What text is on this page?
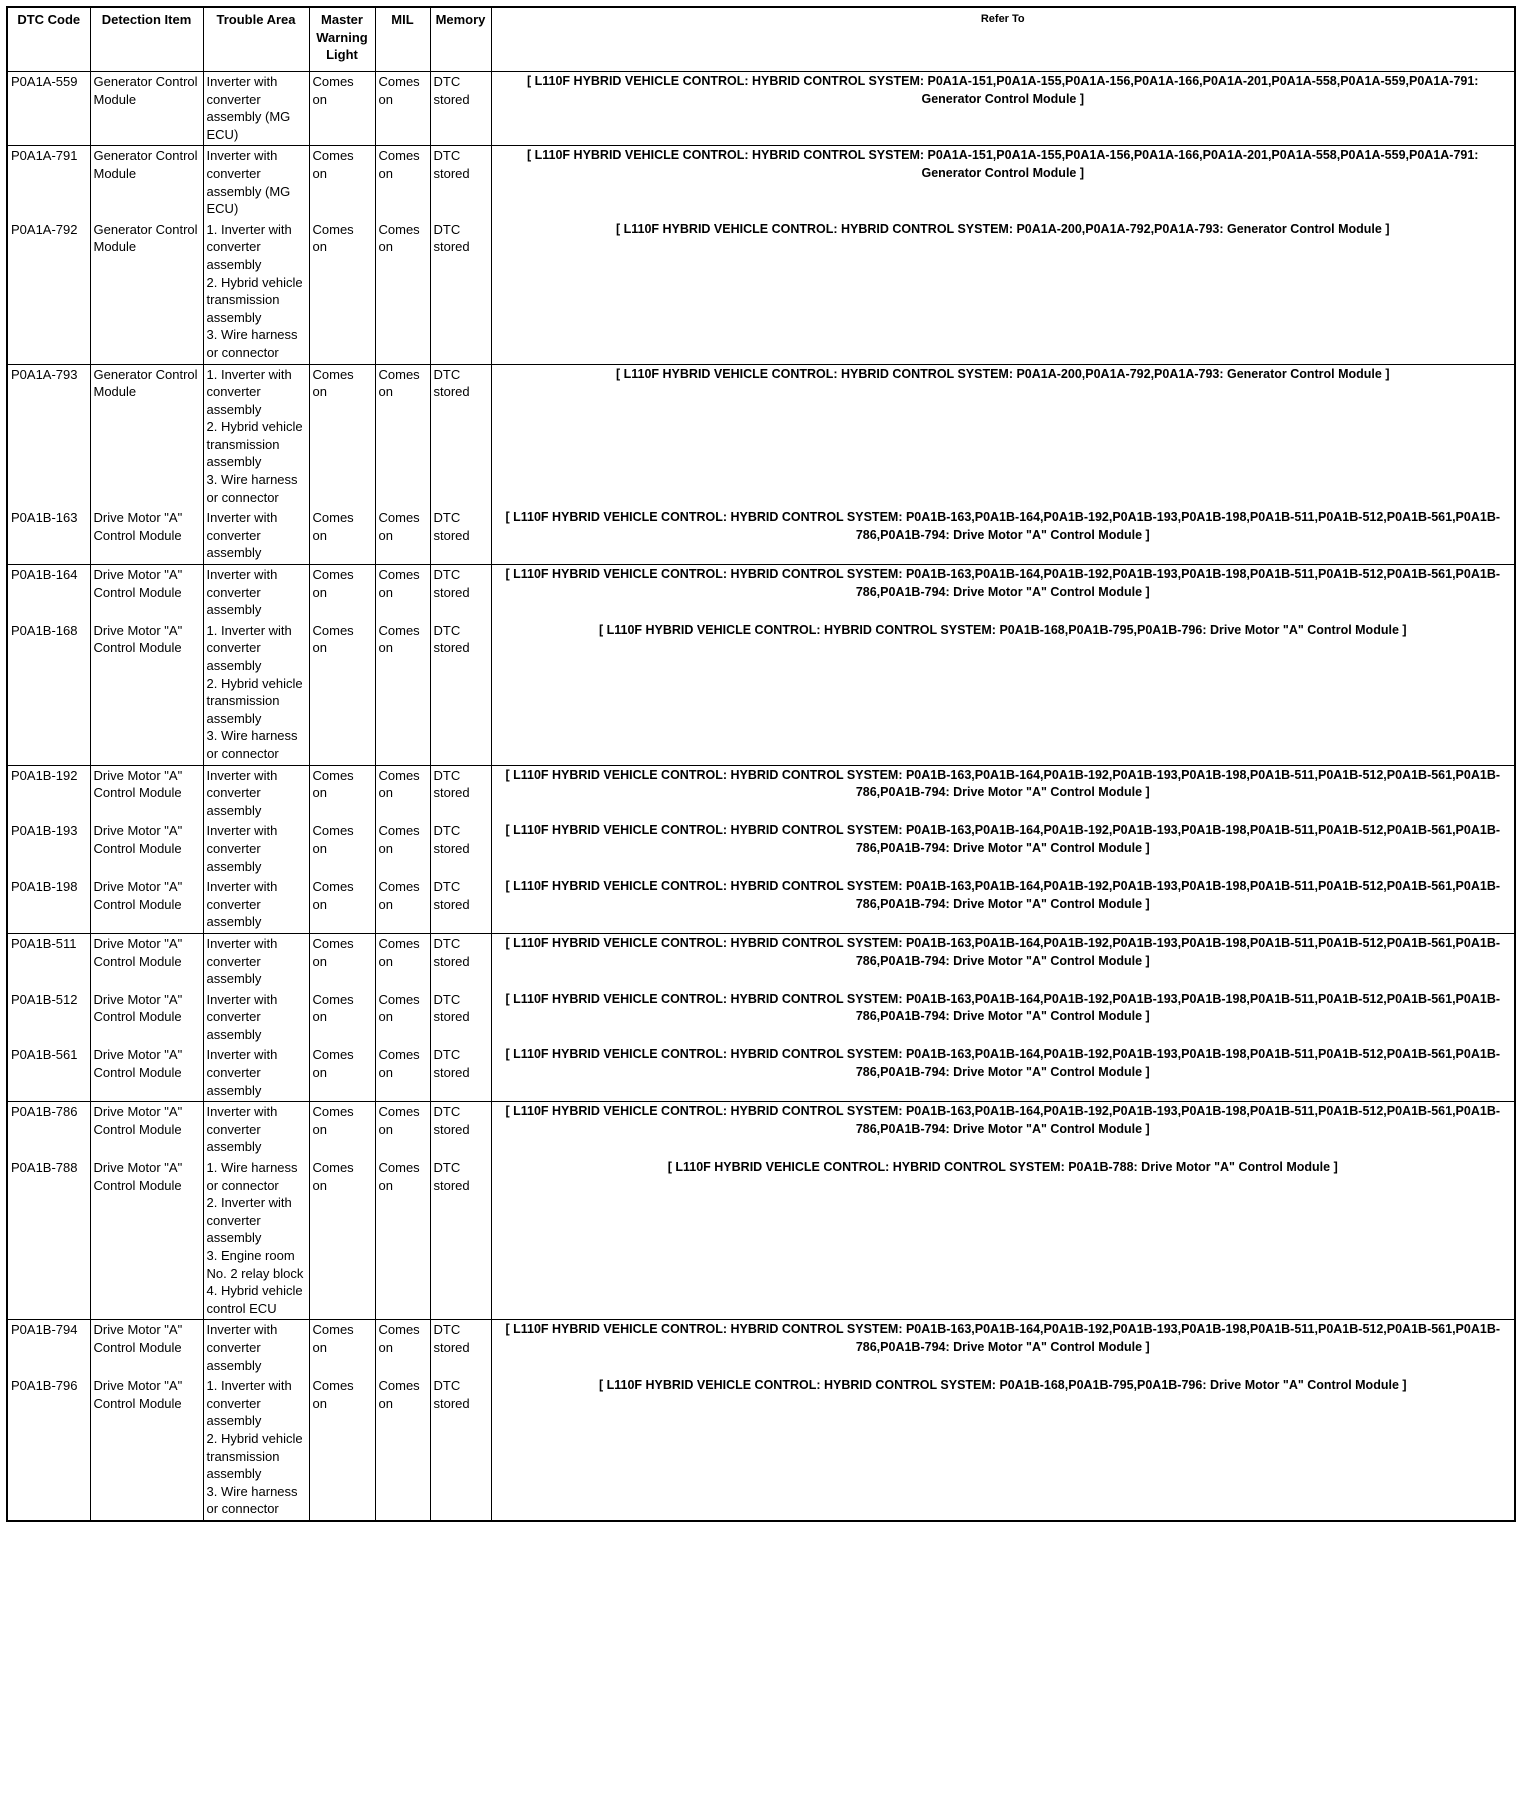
DTC Code	Detection Item	Trouble Area	Master Warning Light	MIL	Memory	Refer To
P0A1A-559	Generator Control Module	Inverter with converter assembly (MG ECU)	Comes on	Comes on	DTC stored	[ L110F HYBRID VEHICLE CONTROL: HYBRID CONTROL SYSTEM: P0A1A-151,P0A1A-155,P0A1A-156,P0A1A-166,P0A1A-201,P0A1A-558,P0A1A-559,P0A1A-791: Generator Control Module ]
P0A1A-791	Generator Control Module	Inverter with converter assembly (MG ECU)	Comes on	Comes on	DTC stored	[ L110F HYBRID VEHICLE CONTROL: HYBRID CONTROL SYSTEM: P0A1A-151,P0A1A-155,P0A1A-156,P0A1A-166,P0A1A-201,P0A1A-558,P0A1A-559,P0A1A-791: Generator Control Module ]
P0A1A-792	Generator Control Module	1. Inverter with converter assembly
2. Hybrid vehicle transmission assembly
3. Wire harness or connector	Comes on	Comes on	DTC stored	[ L110F HYBRID VEHICLE CONTROL: HYBRID CONTROL SYSTEM: P0A1A-200,P0A1A-792,P0A1A-793: Generator Control Module ]
P0A1A-793	Generator Control Module	1. Inverter with converter assembly
2. Hybrid vehicle transmission assembly
3. Wire harness or connector	Comes on	Comes on	DTC stored	[ L110F HYBRID VEHICLE CONTROL: HYBRID CONTROL SYSTEM: P0A1A-200,P0A1A-792,P0A1A-793: Generator Control Module ]
P0A1B-163	Drive Motor "A" Control Module	Inverter with converter assembly	Comes on	Comes on	DTC stored	[ L110F HYBRID VEHICLE CONTROL: HYBRID CONTROL SYSTEM: P0A1B-163,P0A1B-164,P0A1B-192,P0A1B-193,P0A1B-198,P0A1B-511,P0A1B-512,P0A1B-561,P0A1B-786,P0A1B-794: Drive Motor "A" Control Module ]
P0A1B-164	Drive Motor "A" Control Module	Inverter with converter assembly	Comes on	Comes on	DTC stored	[ L110F HYBRID VEHICLE CONTROL: HYBRID CONTROL SYSTEM: P0A1B-163,P0A1B-164,P0A1B-192,P0A1B-193,P0A1B-198,P0A1B-511,P0A1B-512,P0A1B-561,P0A1B-786,P0A1B-794: Drive Motor "A" Control Module ]
P0A1B-168	Drive Motor "A" Control Module	1. Inverter with converter assembly
2. Hybrid vehicle transmission assembly
3. Wire harness or connector	Comes on	Comes on	DTC stored	[ L110F HYBRID VEHICLE CONTROL: HYBRID CONTROL SYSTEM: P0A1B-168,P0A1B-795,P0A1B-796: Drive Motor "A" Control Module ]
P0A1B-192	Drive Motor "A" Control Module	Inverter with converter assembly	Comes on	Comes on	DTC stored	[ L110F HYBRID VEHICLE CONTROL: HYBRID CONTROL SYSTEM: P0A1B-163,P0A1B-164,P0A1B-192,P0A1B-193,P0A1B-198,P0A1B-511,P0A1B-512,P0A1B-561,P0A1B-786,P0A1B-794: Drive Motor "A" Control Module ]
P0A1B-193	Drive Motor "A" Control Module	Inverter with converter assembly	Comes on	Comes on	DTC stored	[ L110F HYBRID VEHICLE CONTROL: HYBRID CONTROL SYSTEM: P0A1B-163,P0A1B-164,P0A1B-192,P0A1B-193,P0A1B-198,P0A1B-511,P0A1B-512,P0A1B-561,P0A1B-786,P0A1B-794: Drive Motor "A" Control Module ]
P0A1B-198	Drive Motor "A" Control Module	Inverter with converter assembly	Comes on	Comes on	DTC stored	[ L110F HYBRID VEHICLE CONTROL: HYBRID CONTROL SYSTEM: P0A1B-163,P0A1B-164,P0A1B-192,P0A1B-193,P0A1B-198,P0A1B-511,P0A1B-512,P0A1B-561,P0A1B-786,P0A1B-794: Drive Motor "A" Control Module ]
P0A1B-511	Drive Motor "A" Control Module	Inverter with converter assembly	Comes on	Comes on	DTC stored	[ L110F HYBRID VEHICLE CONTROL: HYBRID CONTROL SYSTEM: P0A1B-163,P0A1B-164,P0A1B-192,P0A1B-193,P0A1B-198,P0A1B-511,P0A1B-512,P0A1B-561,P0A1B-786,P0A1B-794: Drive Motor "A" Control Module ]
P0A1B-512	Drive Motor "A" Control Module	Inverter with converter assembly	Comes on	Comes on	DTC stored	[ L110F HYBRID VEHICLE CONTROL: HYBRID CONTROL SYSTEM: P0A1B-163,P0A1B-164,P0A1B-192,P0A1B-193,P0A1B-198,P0A1B-511,P0A1B-512,P0A1B-561,P0A1B-786,P0A1B-794: Drive Motor "A" Control Module ]
P0A1B-561	Drive Motor "A" Control Module	Inverter with converter assembly	Comes on	Comes on	DTC stored	[ L110F HYBRID VEHICLE CONTROL: HYBRID CONTROL SYSTEM: P0A1B-163,P0A1B-164,P0A1B-192,P0A1B-193,P0A1B-198,P0A1B-511,P0A1B-512,P0A1B-561,P0A1B-786,P0A1B-794: Drive Motor "A" Control Module ]
P0A1B-786	Drive Motor "A" Control Module	Inverter with converter assembly	Comes on	Comes on	DTC stored	[ L110F HYBRID VEHICLE CONTROL: HYBRID CONTROL SYSTEM: P0A1B-163,P0A1B-164,P0A1B-192,P0A1B-193,P0A1B-198,P0A1B-511,P0A1B-512,P0A1B-561,P0A1B-786,P0A1B-794: Drive Motor "A" Control Module ]
P0A1B-788	Drive Motor "A" Control Module	1. Wire harness or connector
2. Inverter with converter assembly
3. Engine room No. 2 relay block
4. Hybrid vehicle control ECU	Comes on	Comes on	DTC stored	[ L110F HYBRID VEHICLE CONTROL: HYBRID CONTROL SYSTEM: P0A1B-788: Drive Motor "A" Control Module ]
P0A1B-794	Drive Motor "A" Control Module	Inverter with converter assembly	Comes on	Comes on	DTC stored	[ L110F HYBRID VEHICLE CONTROL: HYBRID CONTROL SYSTEM: P0A1B-163,P0A1B-164,P0A1B-192,P0A1B-193,P0A1B-198,P0A1B-511,P0A1B-512,P0A1B-561,P0A1B-786,P0A1B-794: Drive Motor "A" Control Module ]
P0A1B-796	Drive Motor "A" Control Module	1. Inverter with converter assembly
2. Hybrid vehicle transmission assembly
3. Wire harness or connector	Comes on	Comes on	DTC stored	[ L110F HYBRID VEHICLE CONTROL: HYBRID CONTROL SYSTEM: P0A1B-168,P0A1B-795,P0A1B-796: Drive Motor "A" Control Module ]
